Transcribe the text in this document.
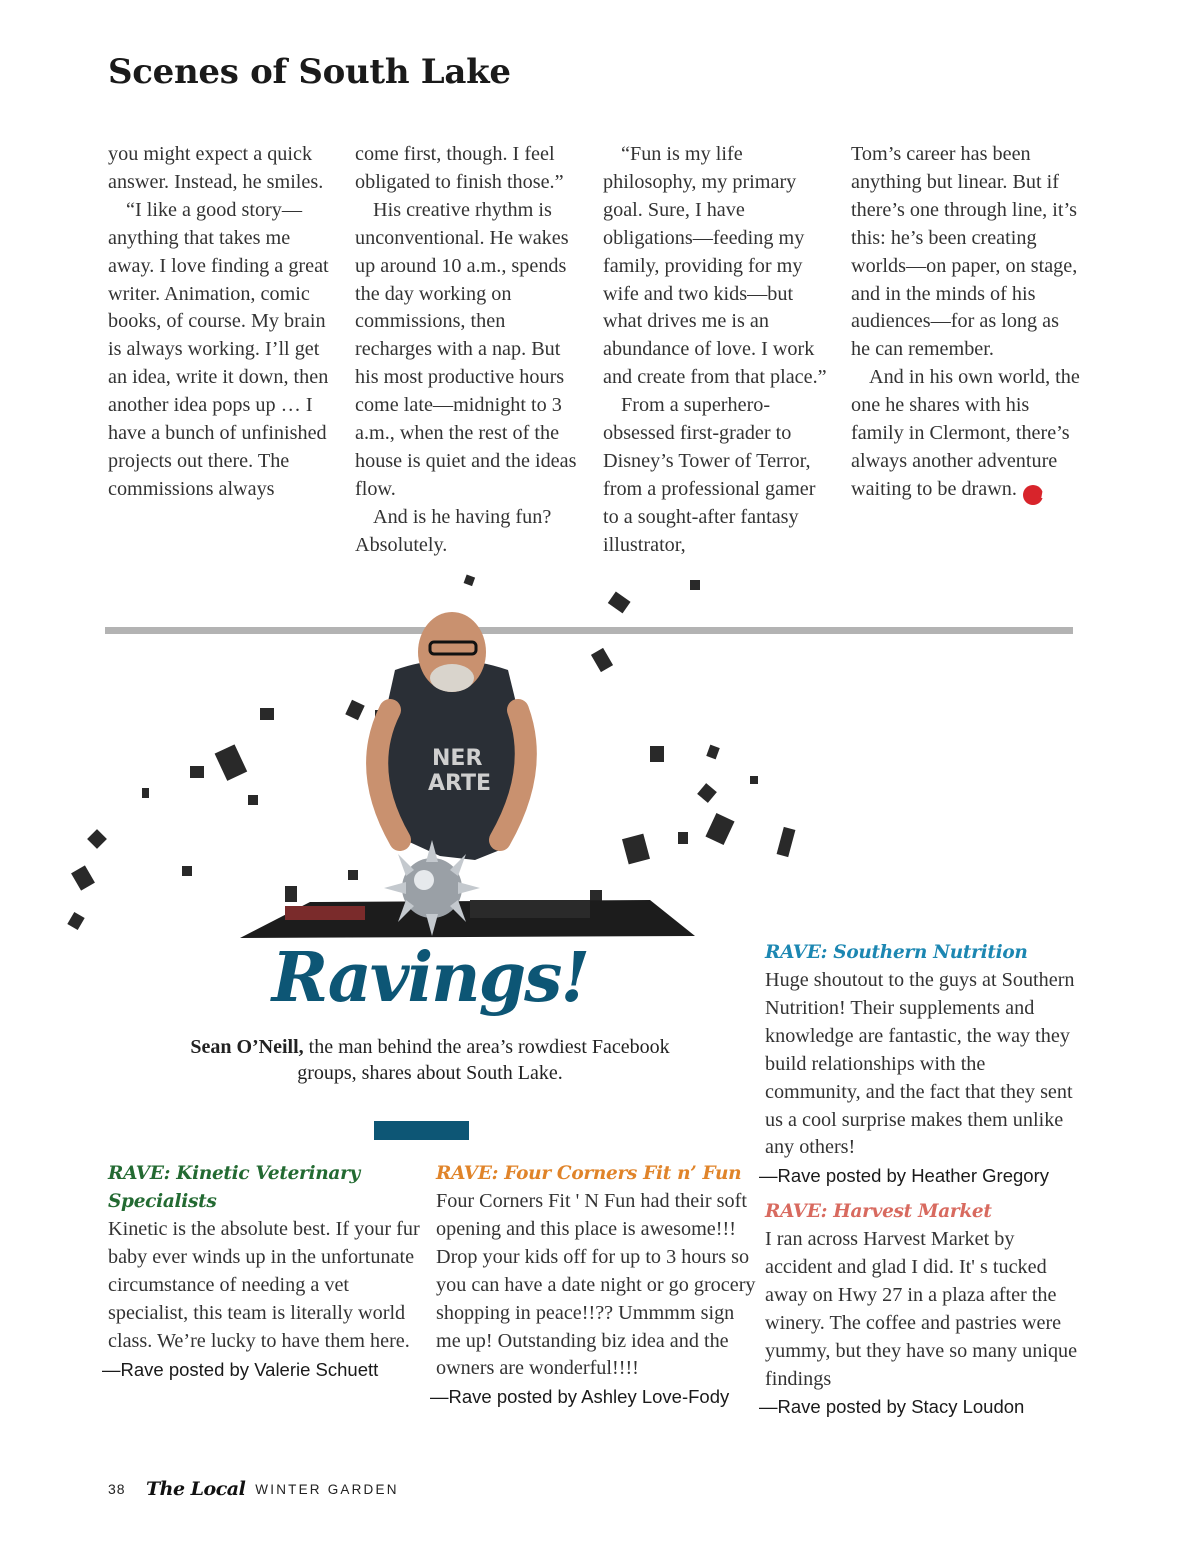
Scenes of South Lake

you might expect a quick answer. Instead, he smiles.

“I like a good story—anything that takes me away. I love finding a great writer. Animation, comic books, of course. My brain is always working. I’ll get an idea, write it down, then another idea pops up … I have a bunch of unfinished projects out there. The commissions always

come first, though. I feel obligated to finish those.”

His creative rhythm is unconventional. He wakes up around 10 a.m., spends the day working on commissions, then recharges with a nap. But his most productive hours come late—midnight to 3 a.m., when the rest of the house is quiet and the ideas flow.

And is he having fun? Absolutely.

“Fun is my life philosophy, my primary goal. Sure, I have obligations—feeding my family, providing for my wife and two kids—but what drives me is an abundance of love. I work and create from that place.”

From a superhero-obsessed first-grader to Disney’s Tower of Terror, from a professional gamer to a sought-after fantasy illustrator,

Tom’s career has been anything but linear. But if there’s one through line, it’s this: he’s been creating worlds—on paper, on stage, and in the minds of his audiences—for as long as he can remember.

And in his own world, the one he shares with his family in Clermont, there’s always another adventure waiting to be drawn. L

NER
ARTE
Ravings!
Sean O’Neill, the man behind the area’s rowdiest Facebook groups, shares about South Lake.

RAVE: Kinetic Veterinary Specialists

Kinetic is the absolute best. If your fur baby ever winds up in the unfortunate circumstance of needing a vet specialist, this team is literally world class. We’re lucky to have them here.

—Rave posted by Valerie Schuett

RAVE: Four Corners Fit n’ Fun

Four Corners Fit ' N Fun had their soft opening and this place is awesome!!! Drop your kids off for up to 3 hours so you can have a date night or go grocery shopping in peace!!?? Ummmm sign me up! Outstanding biz idea and the owners are wonderful!!!!

—Rave posted by Ashley Love-Fody

RAVE: Southern Nutrition

Huge shoutout to the guys at Southern Nutrition! Their supplements and knowledge are fantastic, the way they build relationships with the community, and the fact that they sent us a cool surprise makes them unlike any others!

—Rave posted by Heather Gregory

RAVE: Harvest Market

I ran across Harvest Market by accident and glad I did. It' s tucked away on Hwy 27 in a plaza after the winery. The coffee and pastries were yummy, but they have so many unique findings

—Rave posted by Stacy Loudon

38	The Local WINTER GARDEN
